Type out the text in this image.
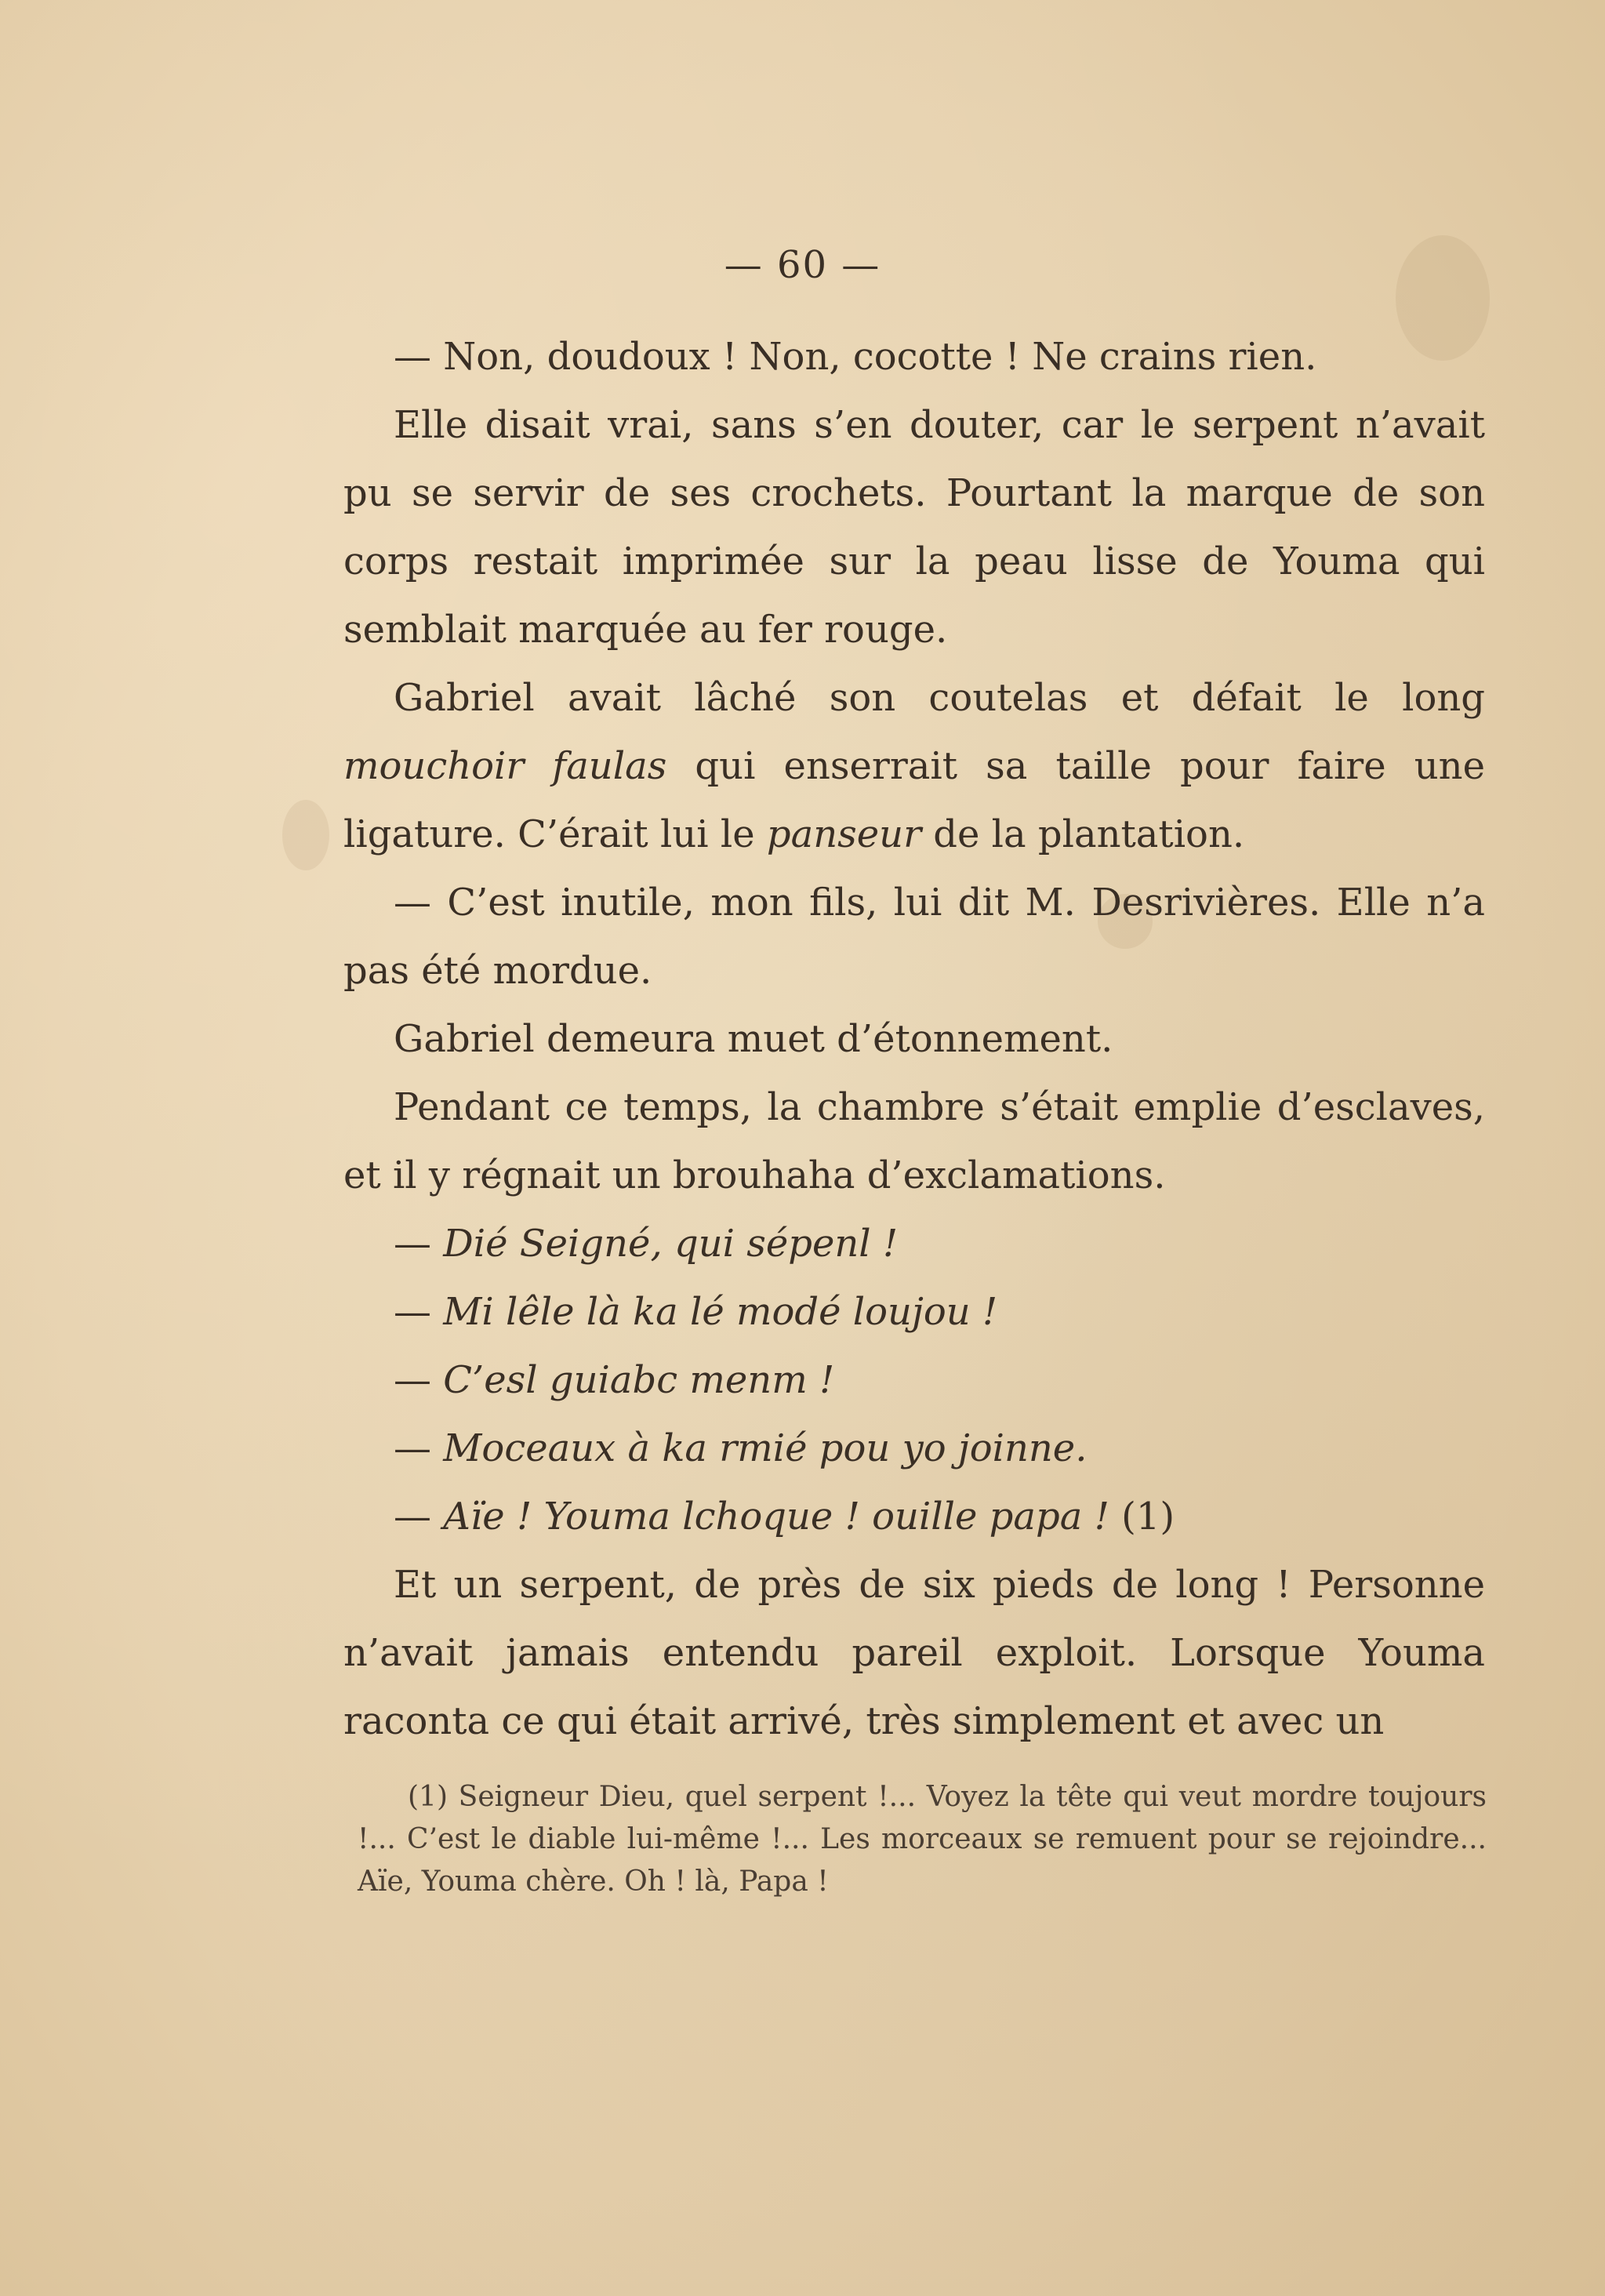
— 60 —

— Non, doudoux ! Non, cocotte ! Ne crains rien.

Elle disait vrai, sans s’en douter, car le serpent n’avait pu se servir de ses crochets. Pourtant la marque de son corps restait imprimée sur la peau lisse de Youma qui semblait marquée au fer rouge.

Gabriel avait lâché son coutelas et défait le long mouchoir faulas qui enserrait sa taille pour faire une ligature. C’érait lui le panseur de la plantation.

— C’est inutile, mon fils, lui dit M. Desrivières. Elle n’a pas été mordue.

Gabriel demeura muet d’étonnement.

Pendant ce temps, la chambre s’était emplie d’esclaves, et il y régnait un brouhaha d’exclamations.

— Dié Seigné, qui sépenl !

— Mi lêle là ka lé modé loujou !

— C’esl guiabc menm !

— Moceaux à ka rmié pou yo joinne.

— Aïe ! Youma lchoque ! ouille papa ! (1)

Et un serpent, de près de six pieds de long ! Personne n’avait jamais entendu pareil exploit. Lorsque Youma raconta ce qui était arrivé, très simplement et avec un

(1) Seigneur Dieu, quel serpent !... Voyez la tête qui veut mordre toujours !... C’est le diable lui-même !... Les morceaux se remuent pour se rejoindre... Aïe, Youma chère. Oh ! là, Papa !
